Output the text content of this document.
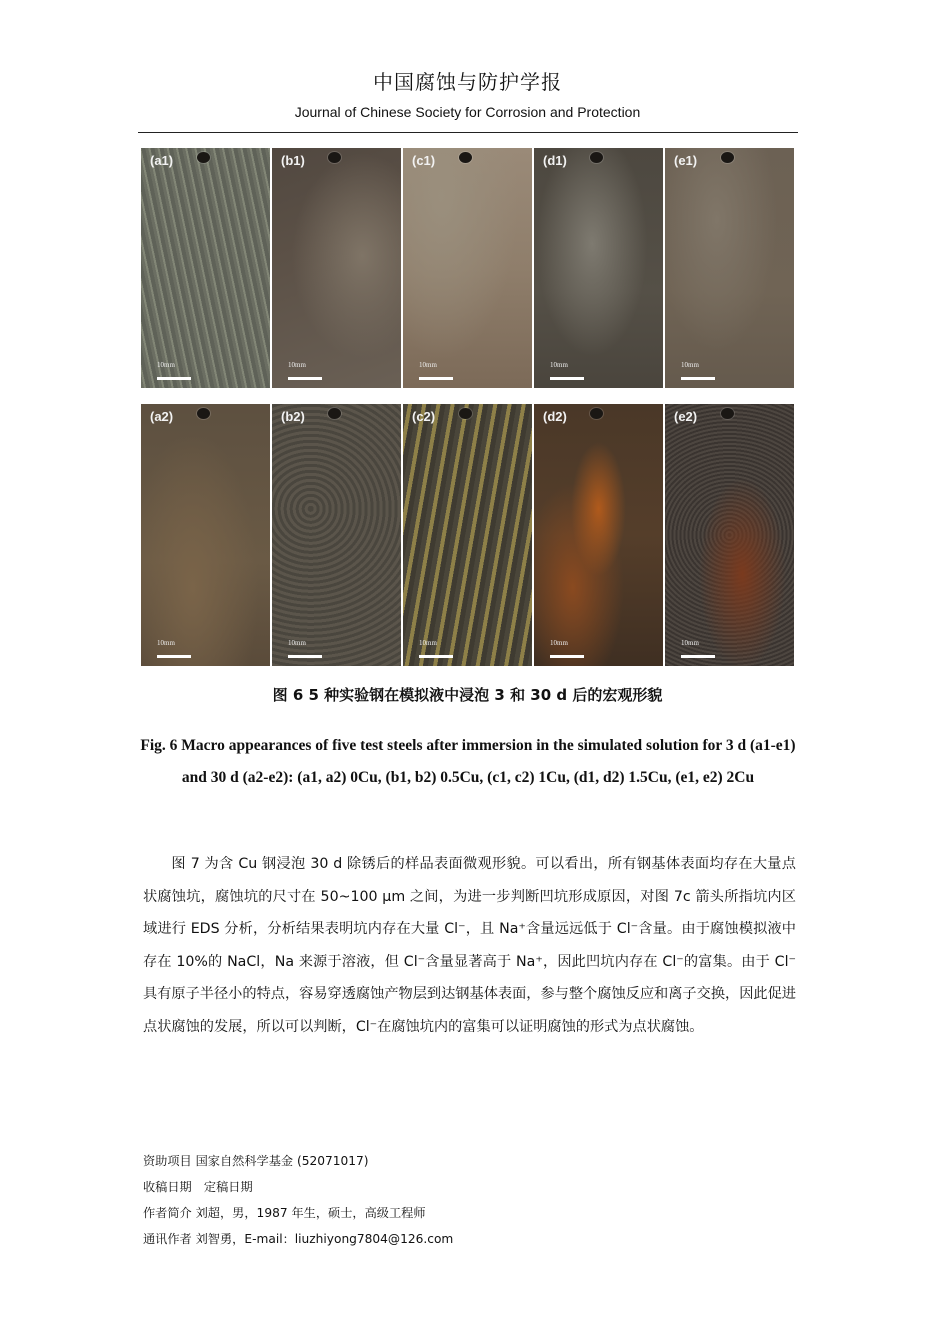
中国腐蚀与防护学报
Journal of Chinese Society for Corrosion and Protection
(a1)
10mm
(b1)
10mm
(c1)
10mm
(d1)
10mm
(e1)
10mm
(a2)
10mm
(b2)
10mm
(c2)
10mm
(d2)
10mm
(e2)
10mm
图 6 5 种实验钢在模拟液中浸泡 3 和 30 d 后的宏观形貌
Fig. 6 Macro appearances of five test steels after immersion in the simulated solution for 3 d (a1-e1) and 30 d (a2-e2): (a1, a2) 0Cu, (b1, b2) 0.5Cu, (c1, c2) 1Cu, (d1, d2) 1.5Cu, (e1, e2) 2Cu

图 7 为含 Cu 钢浸泡 30 d 除锈后的样品表面微观形貌。可以看出，所有钢基体表面均存在大量点状腐蚀坑，腐蚀坑的尺寸在 50~100 μm 之间，为进一步判断凹坑形成原因，对图 7c 箭头所指坑内区域进行 EDS 分析，分析结果表明坑内存在大量 Cl⁻，且 Na⁺含量远远低于 Cl⁻含量。由于腐蚀模拟液中存在 10%的 NaCl，Na 来源于溶液，但 Cl⁻含量显著高于 Na⁺，因此凹坑内存在 Cl⁻的富集。由于 Cl⁻具有原子半径小的特点，容易穿透腐蚀产物层到达钢基体表面，参与整个腐蚀反应和离子交换，因此促进点状腐蚀的发展，所以可以判断，Cl⁻在腐蚀坑内的富集可以证明腐蚀的形式为点状腐蚀。

资助项目 国家自然科学基金 (52071017)
收稿日期　定稿日期
作者简介 刘超，男，1987 年生，硕士，高级工程师
通讯作者 刘智勇，E-mail：liuzhiyong7804@126.com
